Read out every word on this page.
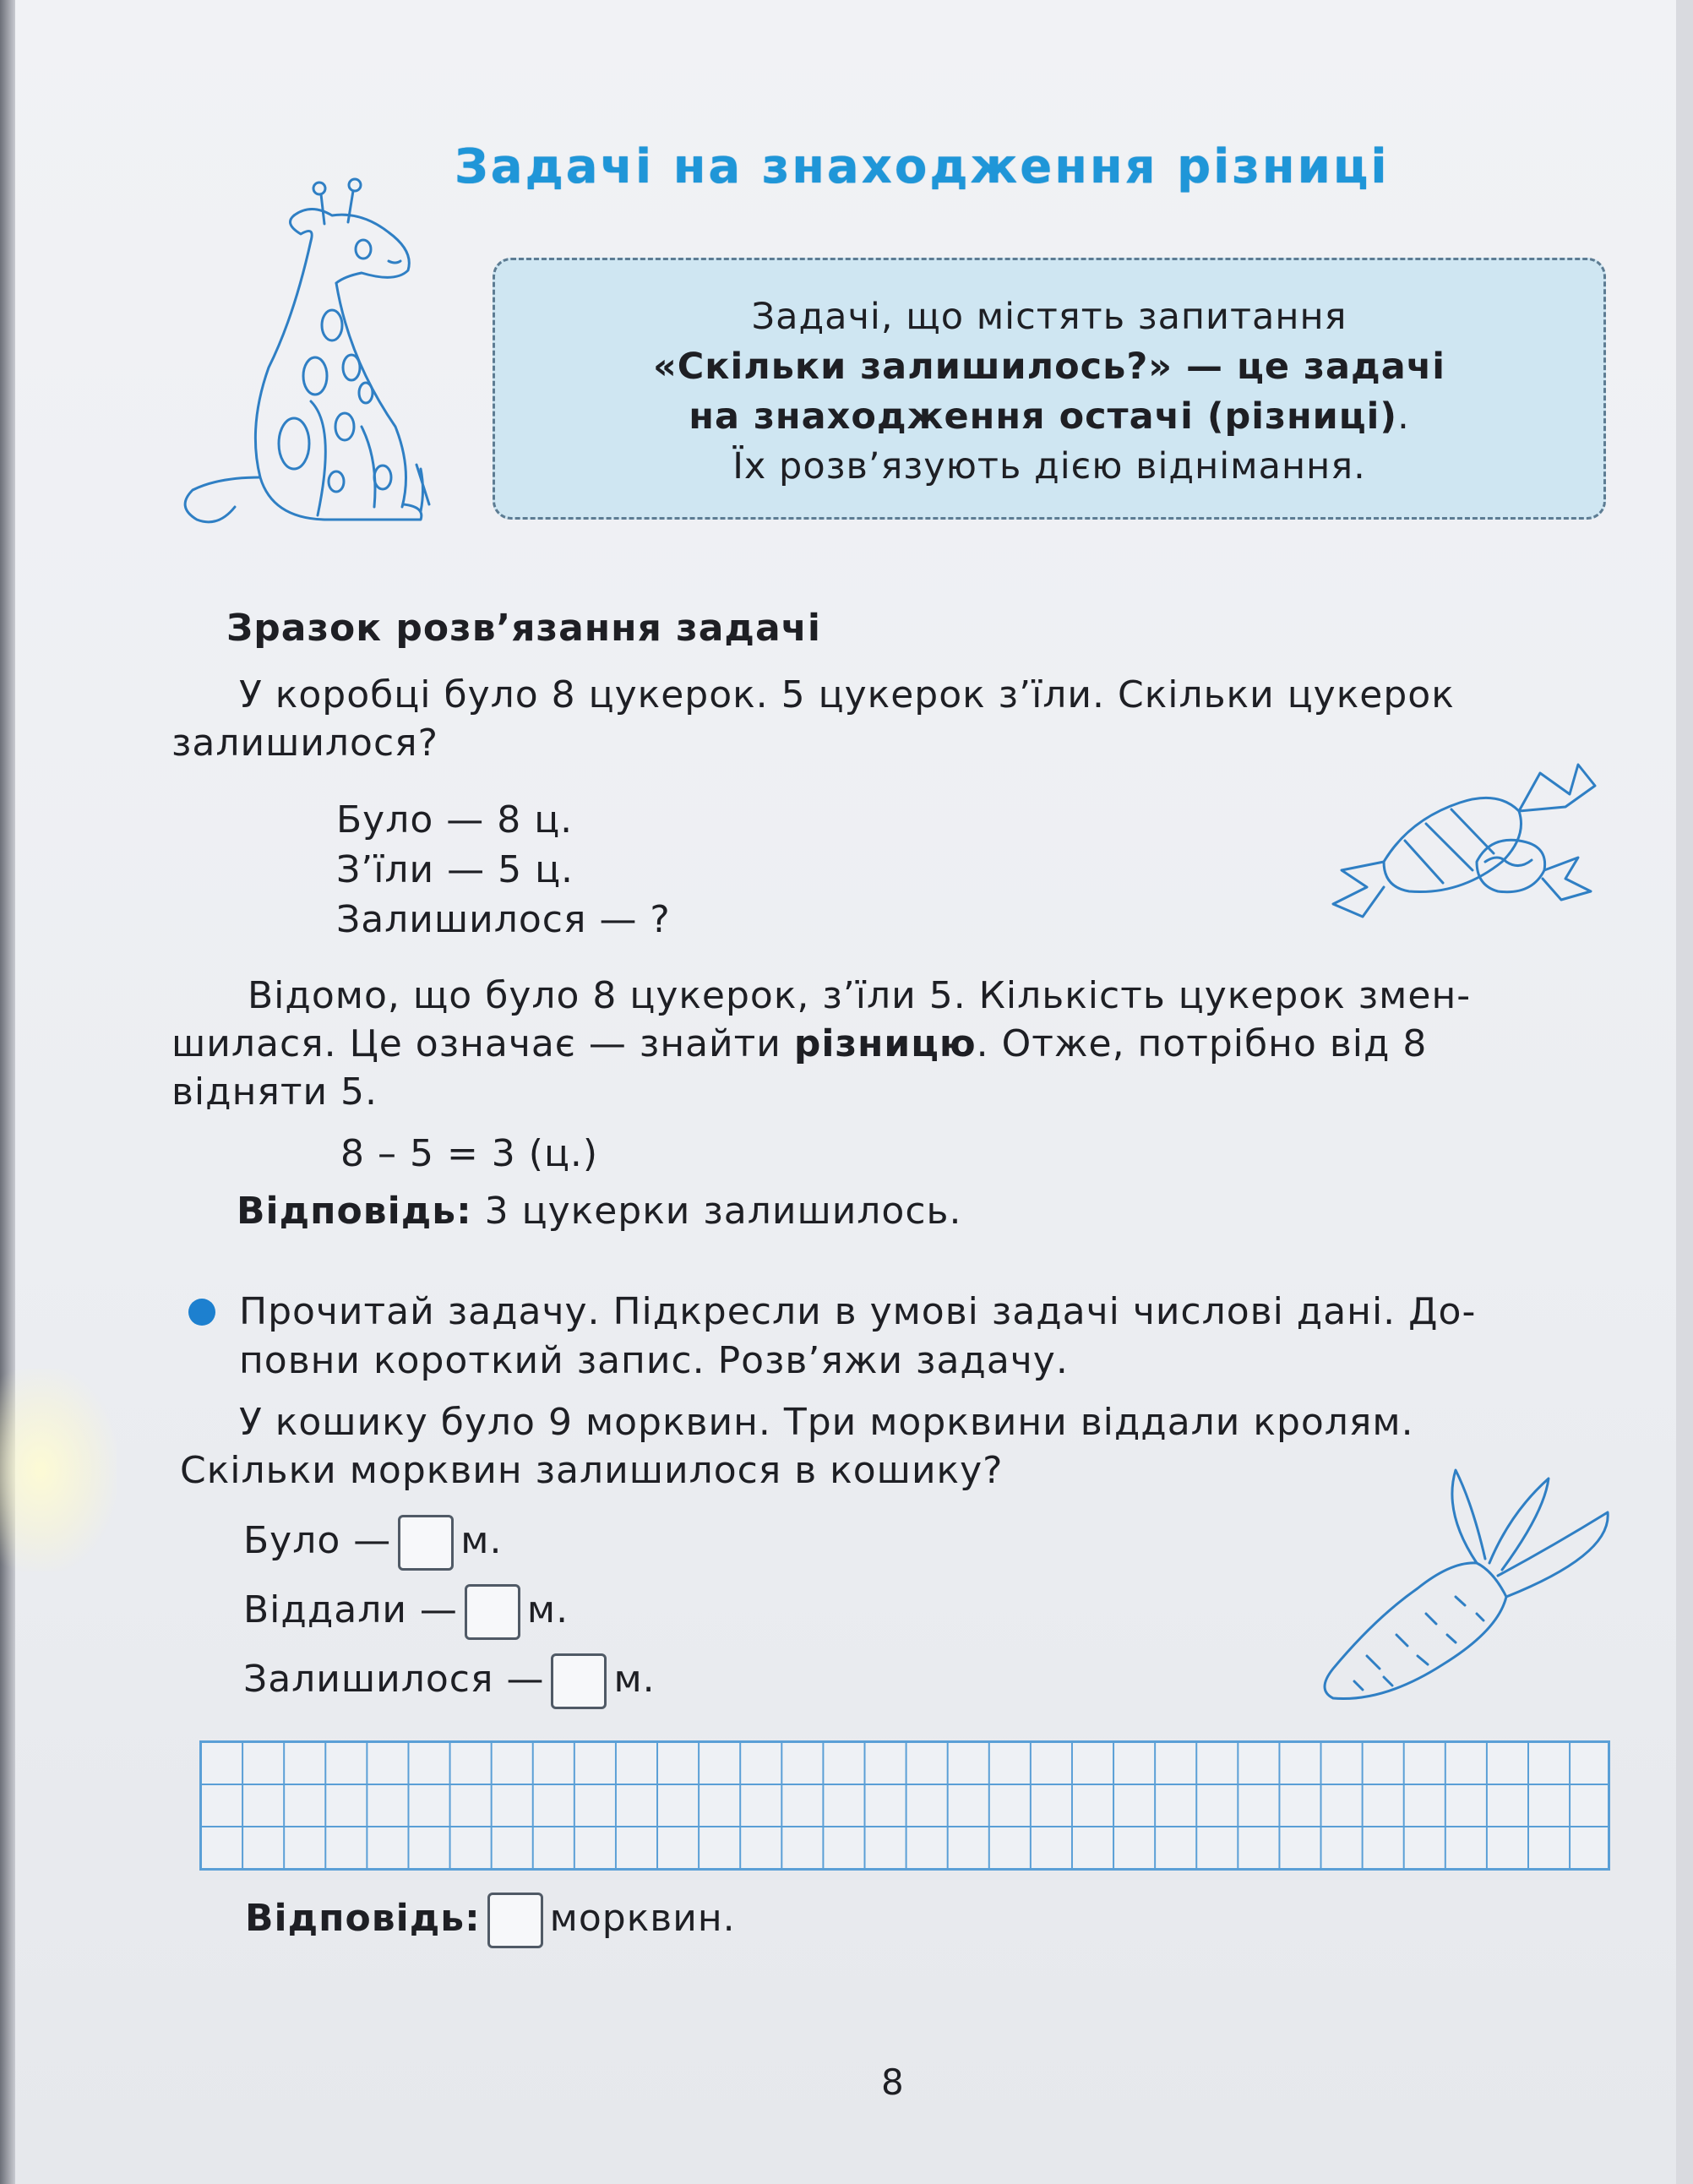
Задачі на знаходження різниці
Задачі, що містять запитання
«Скільки залишилось?» — це задачі
на знаходження остачі (різниці).
Їх розв’язують дією віднімання.
Зразок розв’язання задачі
У коробці було 8 цукерок. 5 цукерок з’їли. Скільки цукерок
залишилося?
Було — 8 ц.
З’їли — 5 ц.
Залишилося — ?
Відомо, що було 8 цукерок, з’їли 5. Кількість цукерок змен-
шилася. Це означає — знайти різницю. Отже, потрібно від 8
відняти 5.
8 – 5 = 3 (ц.)
Відповідь: 3 цукерки залишилось.
Прочитай задачу. Підкресли в умові задачі числові дані. До-
повни короткий запис. Розв’яжи задачу.
У кошику було 9 морквин. Три морквини віддали кролям.
Скільки морквин залишилося в кошику?
Було — м.
Віддали — м.
Залишилося — м.
Відповідь: морквин.
8
